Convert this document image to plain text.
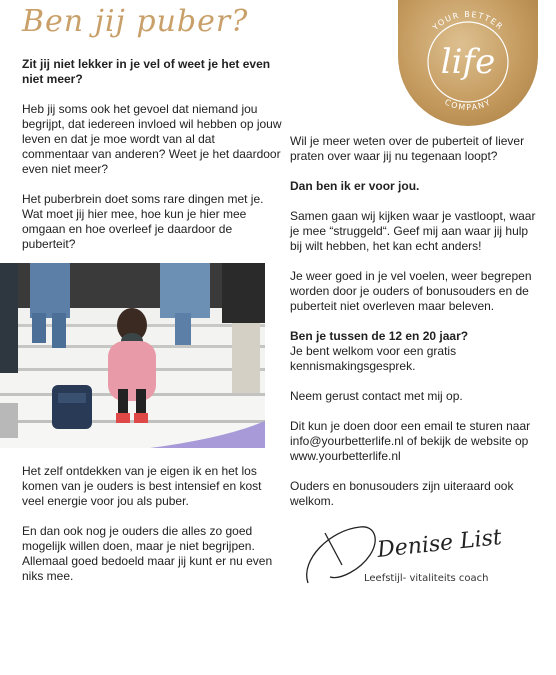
Ben jij puber?	YOUR BETTER
life
COMPANY

Zit jij niet lekker in je vel of weet je het even niet meer?

Heb jij soms ook het gevoel dat niemand jou begrijpt, dat iedereen invloed wil hebben op jouw leven en dat je moe wordt van al dat commentaar van anderen? Weet je het daardoor even niet meer?

Het puberbrein doet soms rare dingen met je. Wat moet jij hier mee, hoe kun je hier mee omgaan en hoe overleef je daardoor de puberteit?

Het zelf ontdekken van je eigen ik en het los komen van je ouders is best intensief en kost veel energie voor jou als puber.

En dan ook nog je ouders die alles zo goed mogelijk willen doen, maar je niet begrijpen. Allemaal goed bedoeld maar jij kunt er nu even niks mee.

Wil je meer weten over de puberteit of liever praten over waar jij nu tegenaan loopt?

Dan ben ik er voor jou.

Samen gaan wij kijken waar je vastloopt, waar je mee “struggeld“. Geef mij aan waar jij hulp bij wilt hebben, het kan echt anders!

Je weer goed in je vel voelen, weer begrepen worden door je ouders of bonusouders en de puberteit niet overleven maar beleven.

Ben je tussen de 12 en 20 jaar?

Je bent welkom voor een gratis kennismakingsgesprek.

Neem gerust contact met mij op.

Dit kun je doen door een email te sturen naar info@yourbetterlife.nl of bekijk de website op www.yourbetterlife.nl

Ouders en bonusouders zijn uiteraard ook welkom.

Denise List
Leefstijl- vitaliteits coach
